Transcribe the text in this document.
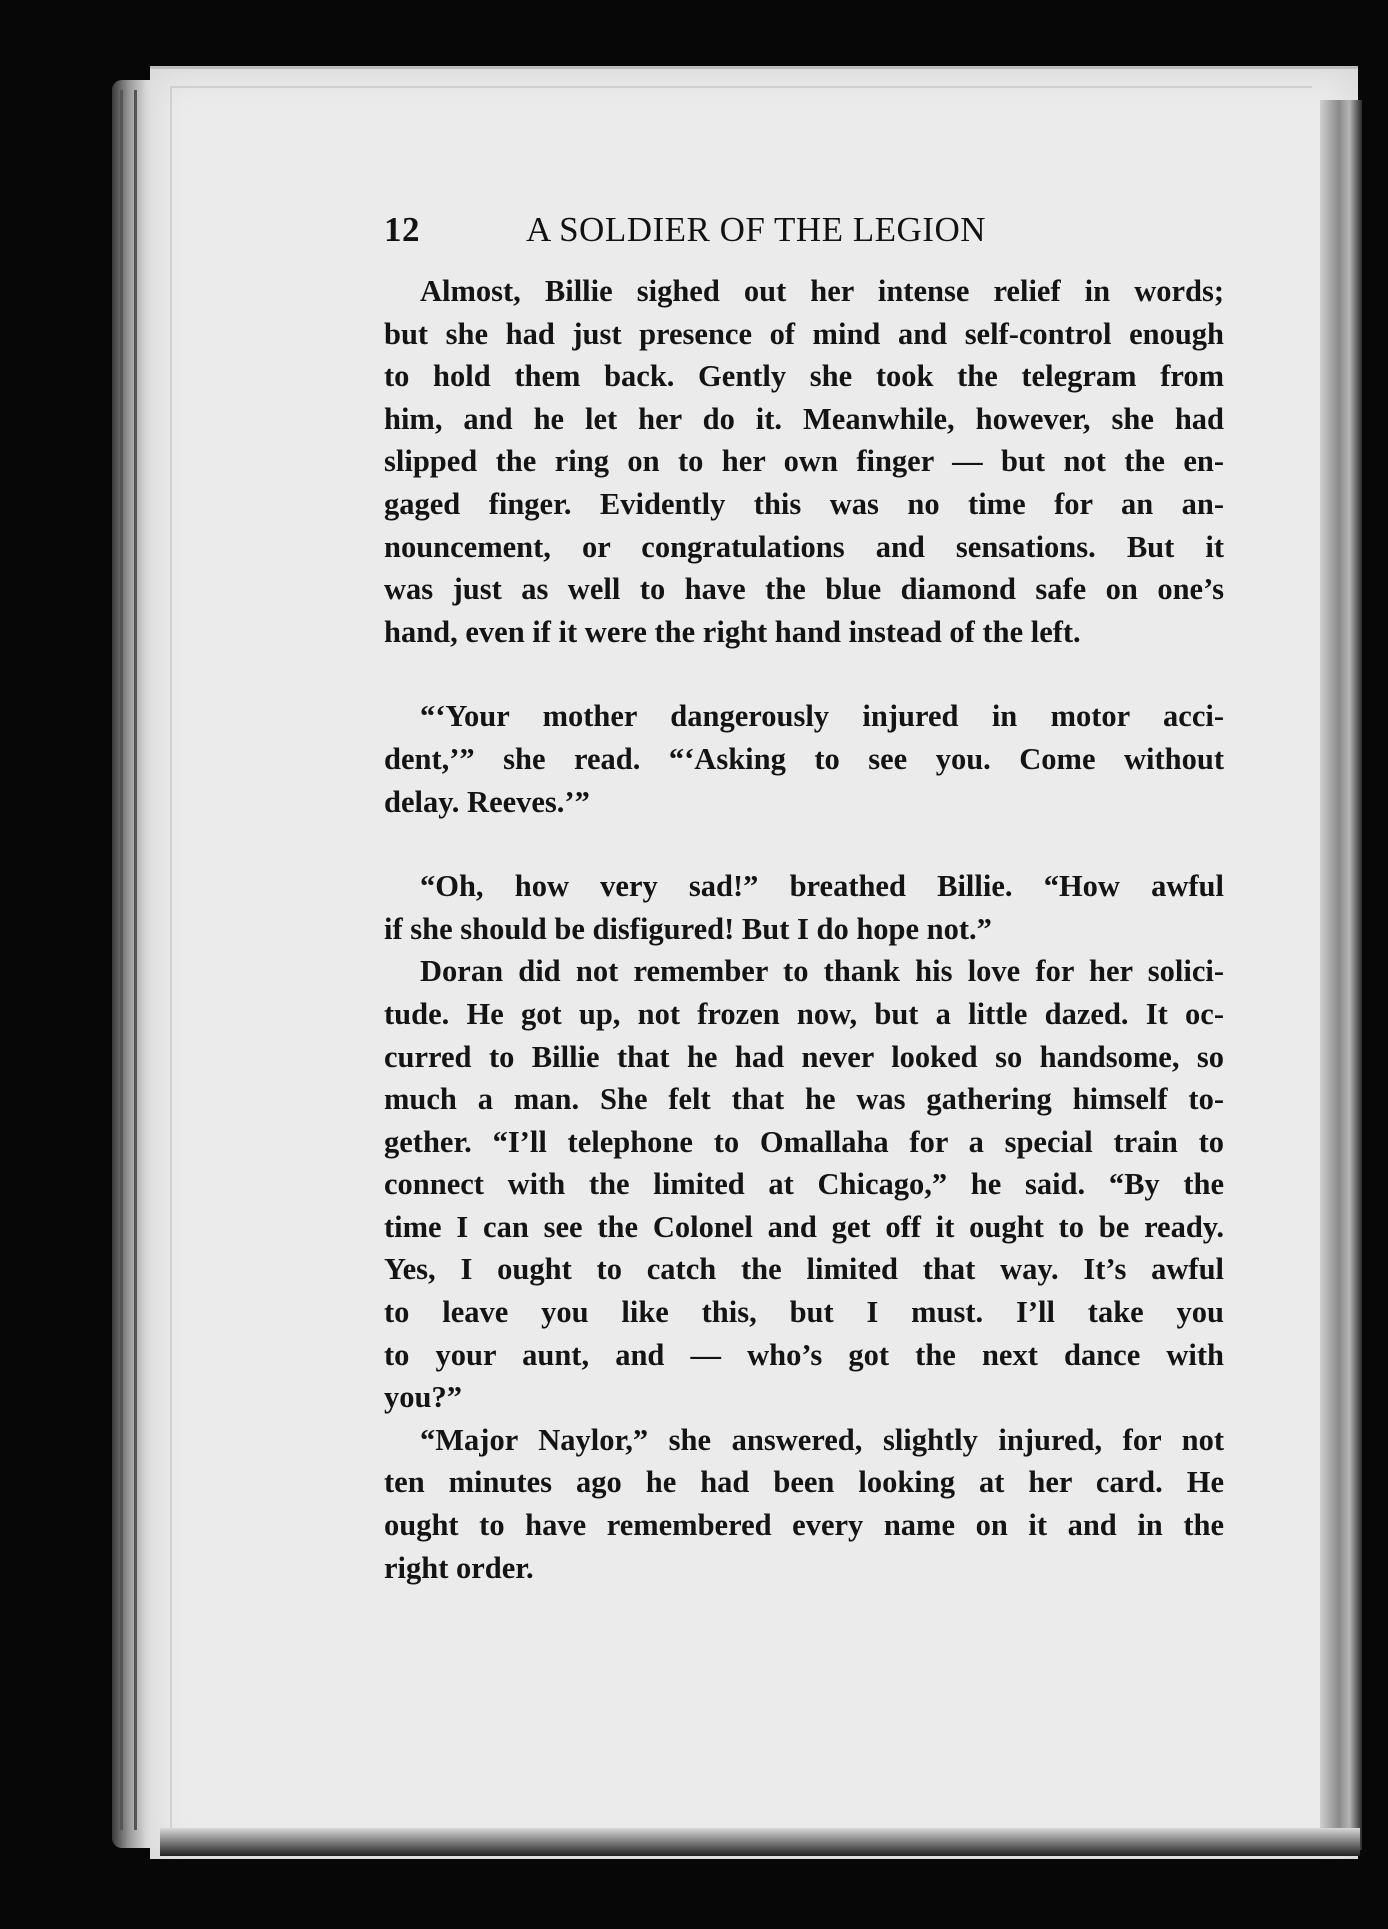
12	A SOLDIER OF THE LEGION

Almost, Billie sighed out her intense relief in words;
but she had just presence of mind and self-control enough
to hold them back. Gently she took the telegram from
him, and he let her do it. Meanwhile, however, she had
slipped the ring on to her own finger — but not the en-
gaged finger. Evidently this was no time for an an-
nouncement, or congratulations and sensations. But it
was just as well to have the blue diamond safe on one’s
hand, even if it were the right hand instead of the left.

“‘Your mother dangerously injured in motor acci-
dent,’” she read. “‘Asking to see you. Come without
delay. Reeves.’”

“Oh, how very sad!” breathed Billie. “How awful
if she should be disfigured! But I do hope not.”

Doran did not remember to thank his love for her solici-
tude. He got up, not frozen now, but a little dazed. It oc-
curred to Billie that he had never looked so handsome, so
much a man. She felt that he was gathering himself to-
gether. “I’ll telephone to Omallaha for a special train to
connect with the limited at Chicago,” he said. “By the
time I can see the Colonel and get off it ought to be ready.
Yes, I ought to catch the limited that way. It’s awful
to leave you like this, but I must. I’ll take you
to your aunt, and — who’s got the next dance with
you?”

“Major Naylor,” she answered, slightly injured, for not
ten minutes ago he had been looking at her card. He
ought to have remembered every name on it and in the
right order.
